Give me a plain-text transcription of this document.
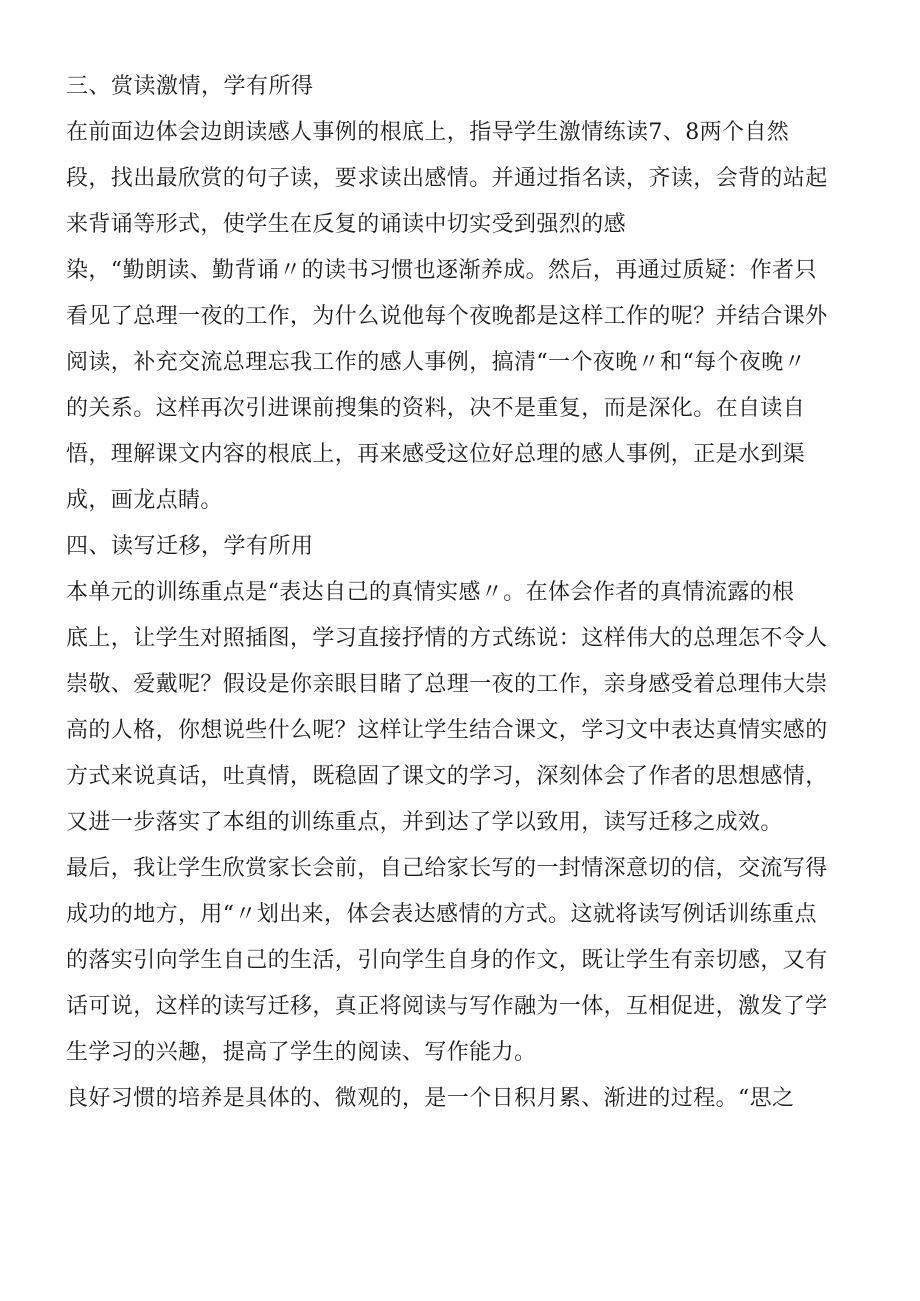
三、赏读激情，学有所得
在前面边体会边朗读感人事例的根底上，指导学生激情练读7、8两个自然
段，找出最欣赏的句子读，要求读出感情。并通过指名读，齐读，会背的站起
来背诵等形式，使学生在反复的诵读中切实受到强烈的感
染，“勤朗读、勤背诵〃的读书习惯也逐渐养成。然后，再通过质疑：作者只
看见了总理一夜的工作，为什么说他每个夜晚都是这样工作的呢？并结合课外
阅读，补充交流总理忘我工作的感人事例，搞清“一个夜晚〃和“每个夜晚〃
的关系。这样再次引进课前搜集的资料，决不是重复，而是深化。在自读自
悟，理解课文内容的根底上，再来感受这位好总理的感人事例，正是水到渠
成，画龙点睛。
四、读写迁移，学有所用
本单元的训练重点是“表达自己的真情实感〃。在体会作者的真情流露的根
底上，让学生对照插图，学习直接抒情的方式练说：这样伟大的总理怎不令人
崇敬、爱戴呢？假设是你亲眼目睹了总理一夜的工作，亲身感受着总理伟大崇
高的人格，你想说些什么呢？这样让学生结合课文，学习文中表达真情实感的
方式来说真话，吐真情，既稳固了课文的学习，深刻体会了作者的思想感情，
又进一步落实了本组的训练重点，并到达了学以致用，读写迁移之成效。
最后，我让学生欣赏家长会前，自己给家长写的一封情深意切的信，交流写得
成功的地方，用“〃划出来，体会表达感情的方式。这就将读写例话训练重点
的落实引向学生自己的生活，引向学生自身的作文，既让学生有亲切感，又有
话可说，这样的读写迁移，真正将阅读与写作融为一体，互相促进，激发了学
生学习的兴趣，提高了学生的阅读、写作能力。
良好习惯的培养是具体的、微观的，是一个日积月累、渐进的过程。“思之
